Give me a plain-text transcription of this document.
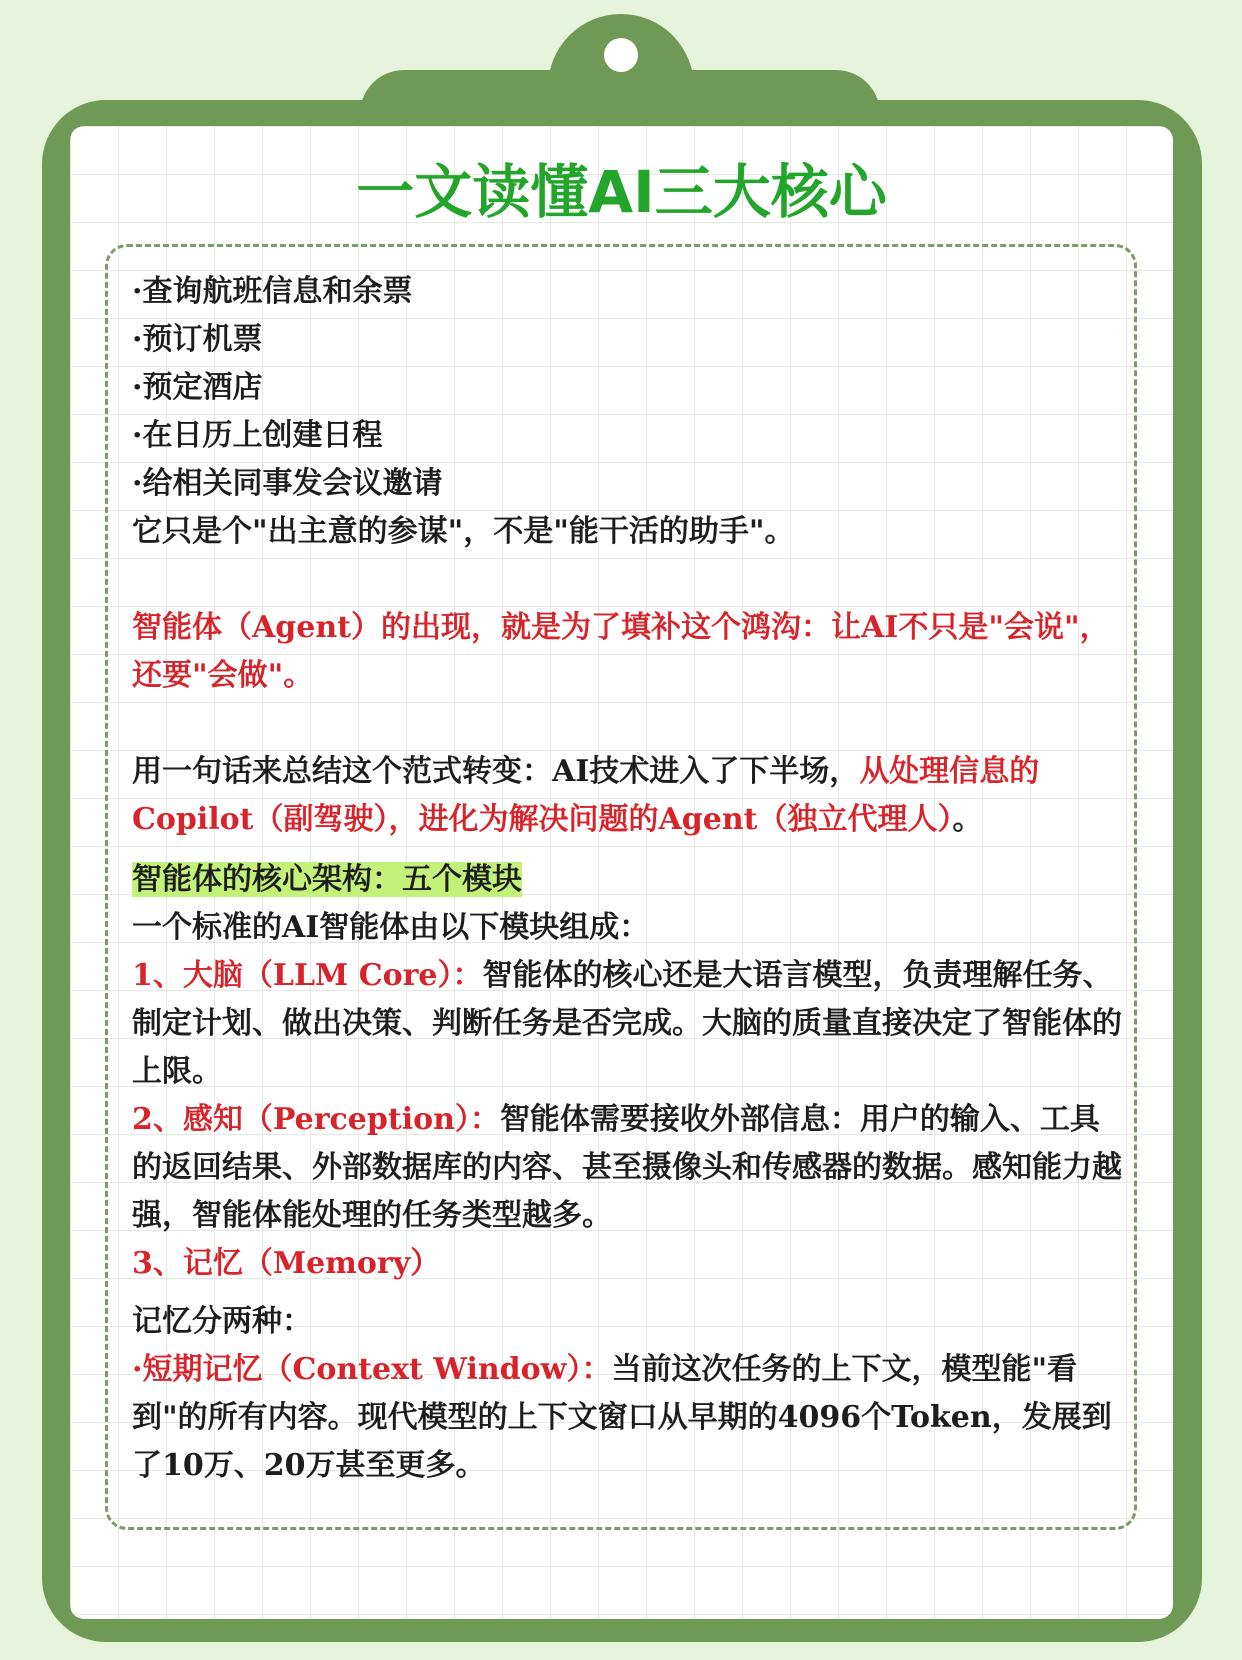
一文读懂AI三大核心

·查询航班信息和余票

·预订机票

·预定酒店

·在日历上创建日程

·给相关同事发会议邀请

它只是个"出主意的参谋"，不是"能干活的助手"。

智能体（Agent）的出现，就是为了填补这个鸿沟：让AI不只是"会说"，还要"会做"。

用一句话来总结这个范式转变：AI技术进入了下半场，从处理信息的Copilot（副驾驶），进化为解决问题的Agent（独立代理人）。

智能体的核心架构：五个模块

一个标准的AI智能体由以下模块组成：

1、大脑（LLM Core）：智能体的核心还是大语言模型，负责理解任务、制定计划、做出决策、判断任务是否完成。大脑的质量直接决定了智能体的上限。

2、感知（Perception）：智能体需要接收外部信息：用户的输入、工具的返回结果、外部数据库的内容、甚至摄像头和传感器的数据。感知能力越强，智能体能处理的任务类型越多。

3、记忆（Memory）

记忆分两种：

·短期记忆（Context Window）：当前这次任务的上下文，模型能"看到"的所有内容。现代模型的上下文窗口从早期的4096个Token，发展到了10万、20万甚至更多。
